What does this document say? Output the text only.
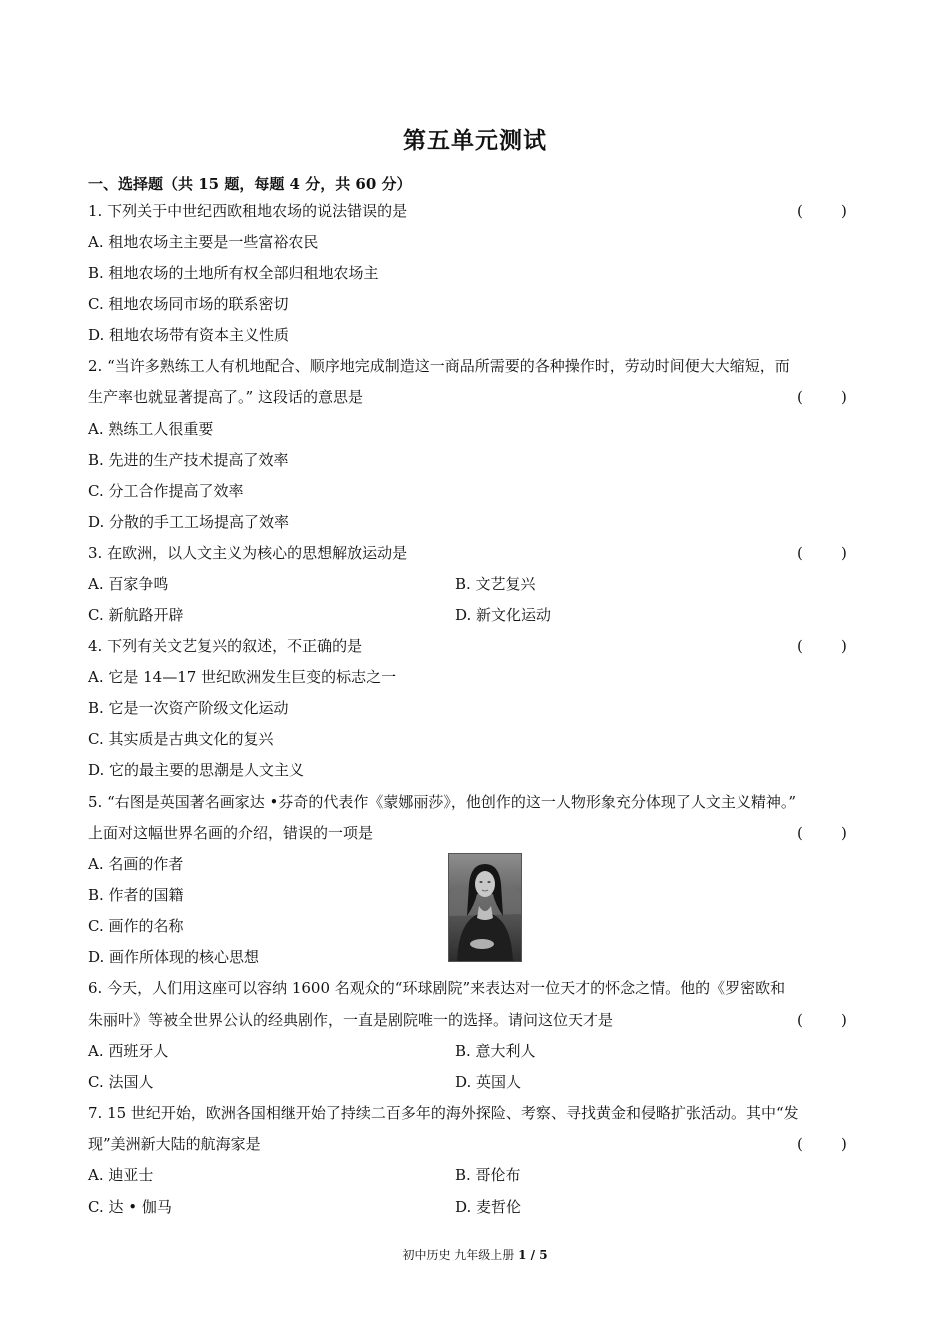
第五单元测试
一、选择题（共 15 题，每题 4 分，共 60 分）
1. 下列关于中世纪西欧租地农场的说法错误的是	(        )
A. 租地农场主主要是一些富裕农民
B. 租地农场的土地所有权全部归租地农场主
C. 租地农场同市场的联系密切
D. 租地农场带有资本主义性质
2. “当许多熟练工人有机地配合、顺序地完成制造这一商品所需要的各种操作时，劳动时间便大大缩短，而
生产率也就显著提高了。” 这段话的意思是	(        )
A. 熟练工人很重要
B. 先进的生产技术提高了效率
C. 分工合作提高了效率
D. 分散的手工工场提高了效率
3. 在欧洲，以人文主义为核心的思想解放运动是	(        )
A. 百家争鸣	B. 文艺复兴
C. 新航路开辟	D. 新文化运动
4. 下列有关文艺复兴的叙述，不正确的是	(        )
A. 它是 14—17 世纪欧洲发生巨变的标志之一
B. 它是一次资产阶级文化运动
C. 其实质是古典文化的复兴
D. 它的最主要的思潮是人文主义
5. “右图是英国著名画家达 •芬奇的代表作《蒙娜丽莎》，他创作的这一人物形象充分体现了人文主义精神。”
上面对这幅世界名画的介绍，错误的一项是	(        )
A. 名画的作者
B. 作者的国籍
C. 画作的名称
D. 画作所体现的核心思想
6. 今天，人们用这座可以容纳 1600 名观众的“环球剧院”来表达对一位天才的怀念之情。他的《罗密欧和
朱丽叶》等被全世界公认的经典剧作，一直是剧院唯一的选择。请问这位天才是	(        )
A. 西班牙人	B. 意大利人
C. 法国人	D. 英国人
7. 15 世纪开始，欧洲各国相继开始了持续二百多年的海外探险、考察、寻找黄金和侵略扩张活动。其中“发
现”美洲新大陆的航海家是	(        )
A. 迪亚士	B. 哥伦布
C. 达 • 伽马	D. 麦哲伦
初中历史 九年级上册 1 / 5
